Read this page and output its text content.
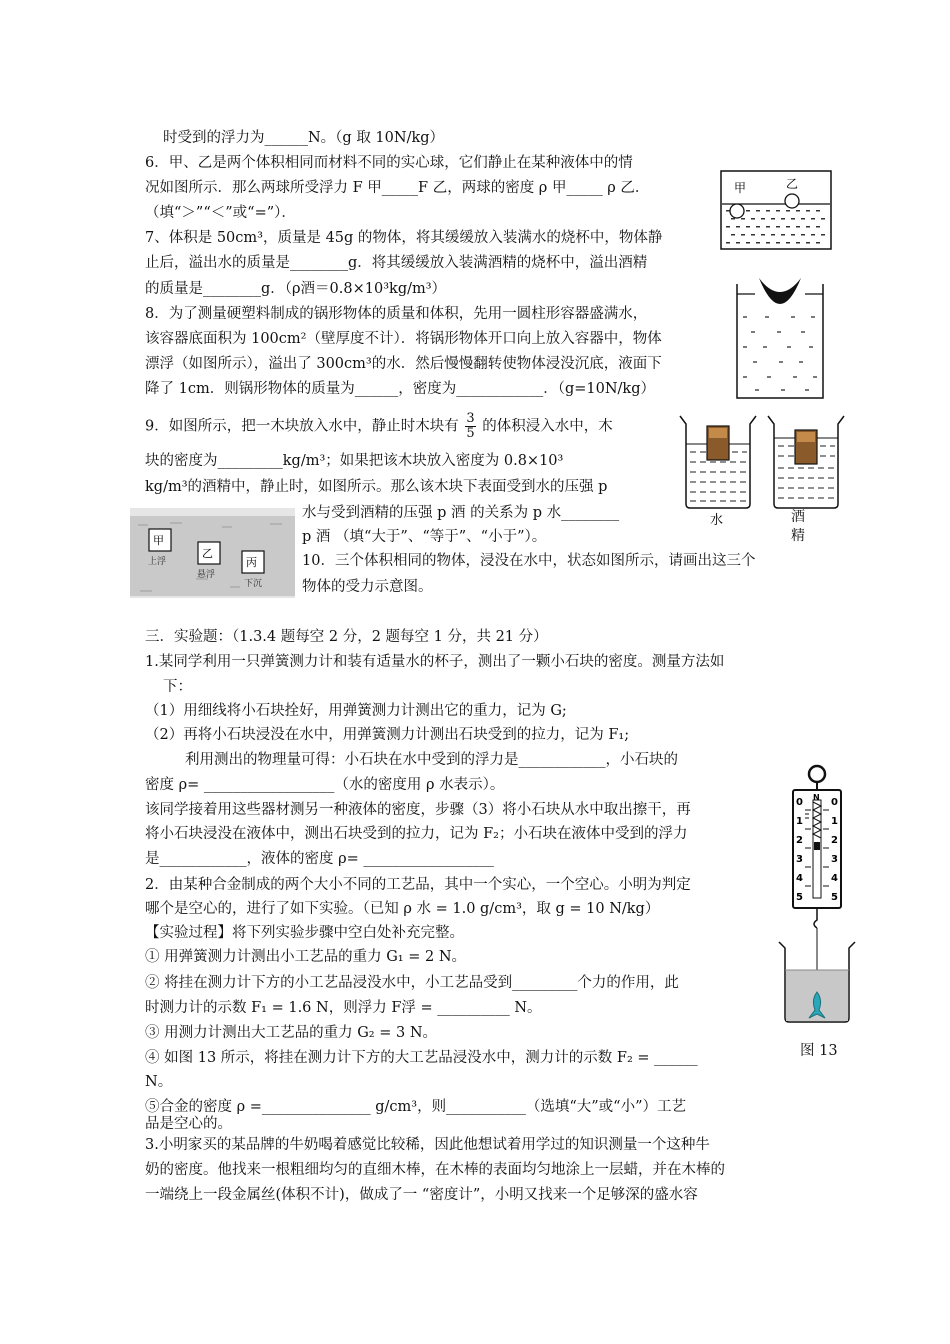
时受到的浮力为______N。（g 取 10N/kg）
6．甲、乙是两个体积相同而材料不同的实心球，它们静止在某种液体中的情
况如图所示．那么两球所受浮力 F 甲_____F 乙，两球的密度 ρ 甲_____ ρ 乙．
（填“＞”“＜”或“=”）．
7、体积是 50cm³，质量是 45g 的物体，将其缓缓放入装满水的烧杯中，物体静
止后，溢出水的质量是________g．将其缓缓放入装满酒精的烧杯中，溢出酒精
的质量是________g．（ρ酒＝0.8×10³kg/m³）
8．为了测量硬塑料制成的锅形物体的质量和体积，先用一圆柱形容器盛满水，
该容器底面积为 100cm²（壁厚度不计）．将锅形物体开口向上放入容器中，物体
漂浮（如图所示），溢出了 300cm³的水．然后慢慢翻转使物体浸没沉底，液面下
降了 1cm．则锅形物体的质量为______，密度为____________．（g=10N/kg）
9．如图所示，把一木块放入水中，静止时木块有 $\frac{3}{5}$ 的体积浸入水中，木
块的密度为_________kg/m³；如果把该木块放入密度为 0.8×10³
kg/m³的酒精中，静止时，如图所示。那么该木块下表面受到水的压强 p
水与受到酒精的压强 p 酒 的关系为 p 水________
p 酒 （填“大于”、“等于”、“小于”）。
10．三个体积相同的物体，浸没在水中，状态如图所示，请画出这三个
物体的受力示意图。
三．实验题：（1.3.4 题每空 2 分，2 题每空 1 分，共 21 分）
1.某同学利用一只弹簧测力计和装有适量水的杯子，测出了一颗小石块的密度。测量方法如
下：
（1）用细线将小石块拴好，用弹簧测力计测出它的重力，记为 G;
（2）再将小石块浸没在水中，用弹簧测力计测出石块受到的拉力，记为 F₁;
利用测出的物理量可得：小石块在水中受到的浮力是____________，小石块的
密度 ρ= __________________（水的密度用 ρ 水表示）。
该同学接着用这些器材测另一种液体的密度，步骤（3）将小石块从水中取出擦干，再
将小石块浸没在液体中，测出石块受到的拉力，记为 F₂；小石块在液体中受到的浮力
是____________，液体的密度 ρ= __________________
2．由某种合金制成的两个大小不同的工艺品，其中一个实心，一个空心。小明为判定
哪个是空心的，进行了如下实验。（已知 ρ 水 = 1.0 g/cm³，取 g = 10 N/kg）
【实验过程】将下列实验步骤中空白处补充完整。
① 用弹簧测力计测出小工艺品的重力 G₁ = 2 N。
② 将挂在测力计下方的小工艺品浸没水中，小工艺品受到_________个力的作用，此
时测力计的示数 F₁ = 1.6 N，则浮力 F浮 = __________ N。
③ 用测力计测出大工艺品的重力 G₂ = 3 N。
④ 如图 13 所示，将挂在测力计下方的大工艺品浸没水中，测力计的示数 F₂ = ______
N。
⑤合金的密度 ρ =_______________ g/cm³，则___________（选填“大”或“小”）工艺
品是空心的。
3.小明家买的某品牌的牛奶喝着感觉比较稀，因此他想试着用学过的知识测量一个这种牛
奶的密度。他找来一根粗细均匀的直细木棒，在木棒的表面均匀地涂上一层蜡，并在木棒的
一端绕上一段金属丝(体积不计)，做成了一 “密度计”，小明又找来一个足够深的盛水容
甲	乙
水	酒精
甲
乙
丙
上浮
悬浮
下沉
N
0
1
2
3
4
5
0
1
2
3
4
5
图 13
